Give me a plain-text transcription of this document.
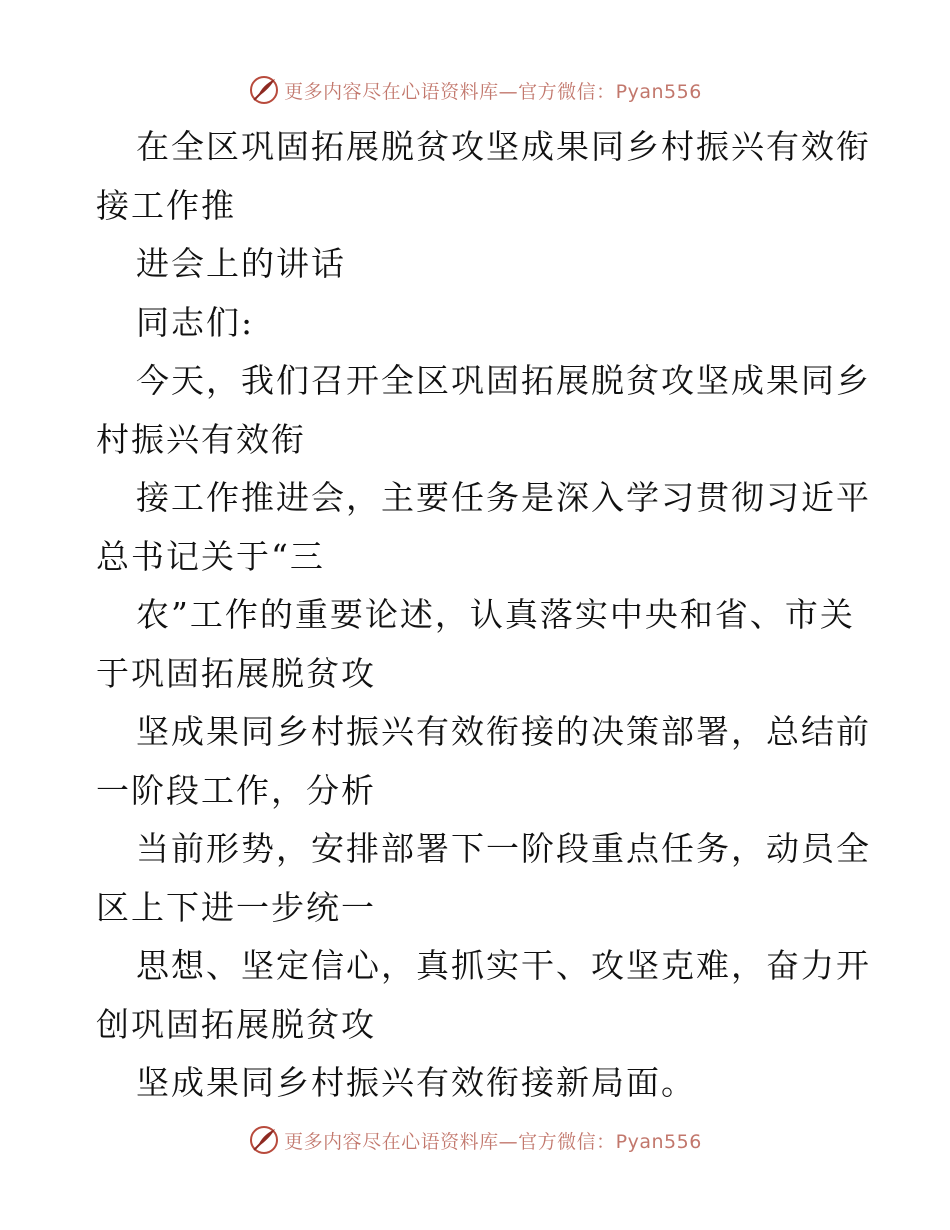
更多内容尽在心语资料库—官方微信：Pyan556
在全区巩固拓展脱贫攻坚成果同乡村振兴有效衔
接工作推
进会上的讲话
同志们:
今天，我们召开全区巩固拓展脱贫攻坚成果同乡
村振兴有效衔
接工作推进会，主要任务是深入学习贯彻习近平
总书记关于“三
农”工作的重要论述，认真落实中央和省、市关
于巩固拓展脱贫攻
坚成果同乡村振兴有效衔接的决策部署，总结前
一阶段工作，分析
当前形势，安排部署下一阶段重点任务，动员全
区上下进一步统一
思想、坚定信心，真抓实干、攻坚克难，奋力开
创巩固拓展脱贫攻
坚成果同乡村振兴有效衔接新局面。
更多内容尽在心语资料库—官方微信：Pyan556
